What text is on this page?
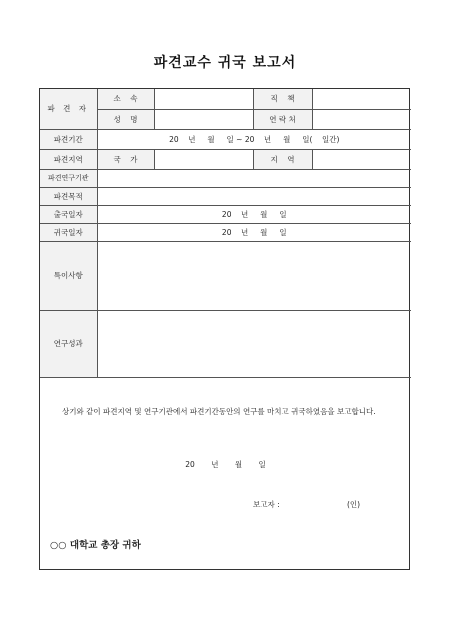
파견교수 귀국 보고서
파 견 자	소    속		직    책	
	성    명		연 락 처	
파견기간	20    년     월     일 ~ 20    년     월     일(    일간)			
파견지역	국    가		지    역	
파견연구기관				
파견목적				
출국일자	20    년     월     일			
귀국일자	20    년     월     일			
특이사항				
연구성과				
상기와 같이 파견지역 및 연구기관에서 파견기간동안의 연구를 마치고 귀국하였음을 보고합니다.
20 년 월 일
보고자 :	(인)
○○ 대학교 총장 귀하
